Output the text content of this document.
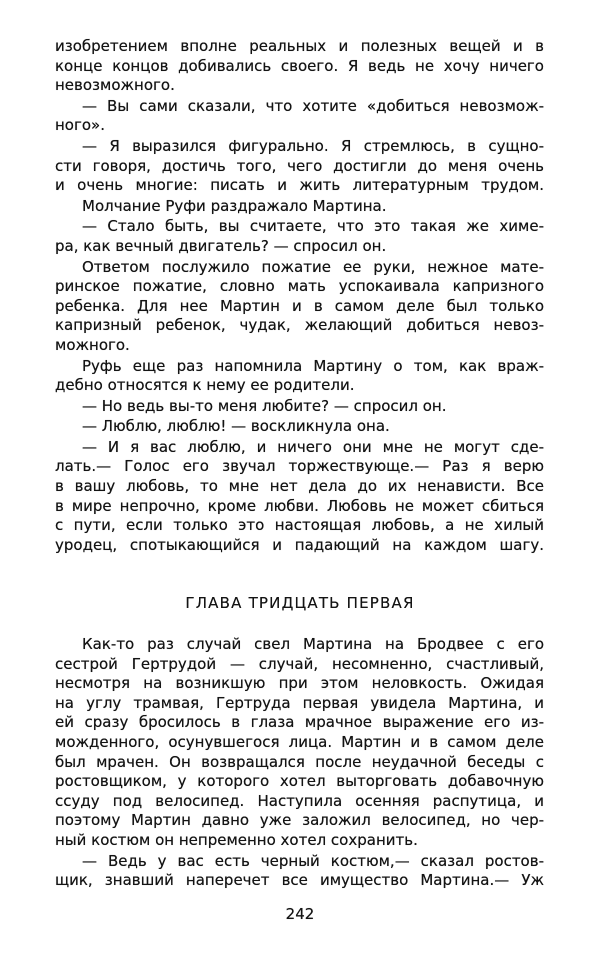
изобретением вполне реальных и полезных вещей и в
конце концов добивались своего. Я ведь не хочу ничего
невозможного.
— Вы сами сказали, что хотите «добиться невозмож-
ного».
— Я выразился фигурально. Я стремлюсь, в сущно-
сти говоря, достичь того, чего достигли до меня очень
и очень многие: писать и жить литературным трудом.
Молчание Руфи раздражало Мартина.
— Стало быть, вы считаете, что это такая же химе-
ра, как вечный двигатель? — спросил он.
Ответом послужило пожатие ее руки, нежное мате-
ринское пожатие, словно мать успокаивала капризного
ребенка. Для нее Мартин и в самом деле был только
капризный ребенок, чудак, желающий добиться невоз-
можного.
Руфь еще раз напомнила Мартину о том, как враж-
дебно относятся к нему ее родители.
— Но ведь вы-то меня любите? — спросил он.
— Люблю, люблю! — воскликнула она.
— И я вас люблю, и ничего они мне не могут сде-
лать.— Голос его звучал торжествующе.— Раз я верю
в вашу любовь, то мне нет дела до их ненависти. Все
в мире непрочно, кроме любви. Любовь не может сбиться
с пути, если только это настоящая любовь, а не хилый
уродец, спотыкающийся и падающий на каждом шагу.
ГЛАВА ТРИДЦАТЬ ПЕРВАЯ
Как-то раз случай свел Мартина на Бродвее с его
сестрой Гертрудой — случай, несомненно, счастливый,
несмотря на возникшую при этом неловкость. Ожидая
на углу трамвая, Гертруда первая увидела Мартина, и
ей сразу бросилось в глаза мрачное выражение его из-
можденного, осунувшегося лица. Мартин и в самом деле
был мрачен. Он возвращался после неудачной беседы с
ростовщиком, у которого хотел выторговать добавочную
ссуду под велосипед. Наступила осенняя распутица, и
поэтому Мартин давно уже заложил велосипед, но чер-
ный костюм он непременно хотел сохранить.
— Ведь у вас есть черный костюм,— сказал ростов-
щик, знавший наперечет все имущество Мартина.— Уж
242
